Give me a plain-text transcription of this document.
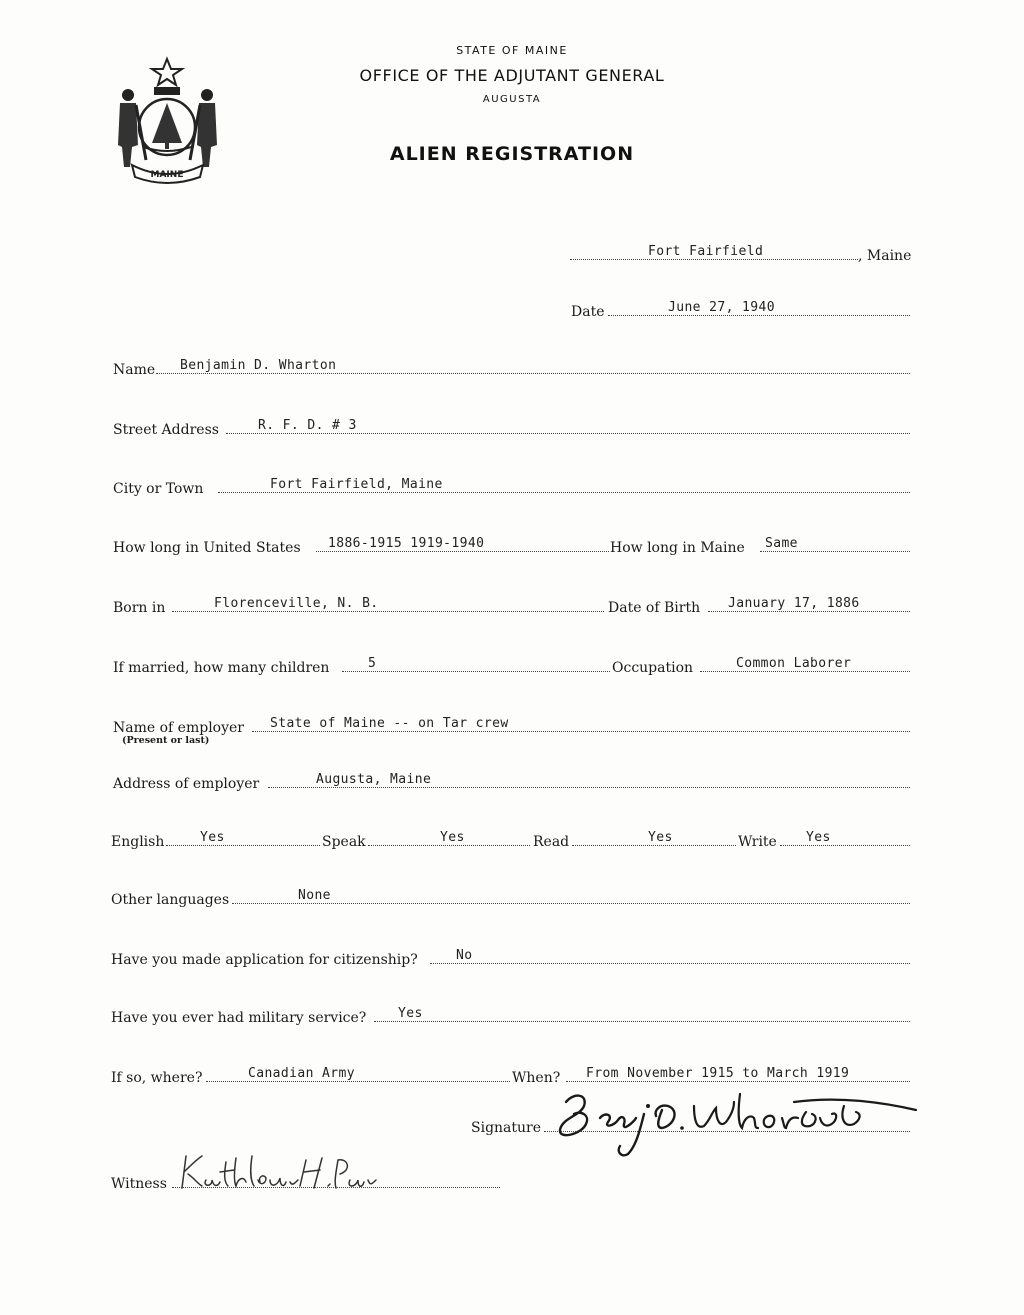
MAINE
STATE OF MAINE
OFFICE OF THE ADJUTANT GENERAL
AUGUSTA
ALIEN REGISTRATION
Fort Fairfield	, Maine
Date	June 27, 1940
Name Benjamin D. Wharton
Street Address	R. F. D. # 3
City or Town	Fort Fairfield, Maine
How long in United States 1886-1915 1919-1940	How long in Maine Same
Born in	Florenceville, N. B.	Date of Birth January 17, 1886
If married, how many children	5	Occupation	Common Laborer
Name of employer State of Maine -- on Tar crew
(Present or last)
Address of employer	Augusta, Maine
English	Yes	Speak	Yes	Read	Yes	Write Yes
Other languages	None
Have you made application for citizenship?	No
Have you ever had military service? Yes
If so, where?	Canadian Army	When? From November 1915 to March 1919
Signature
Witness
